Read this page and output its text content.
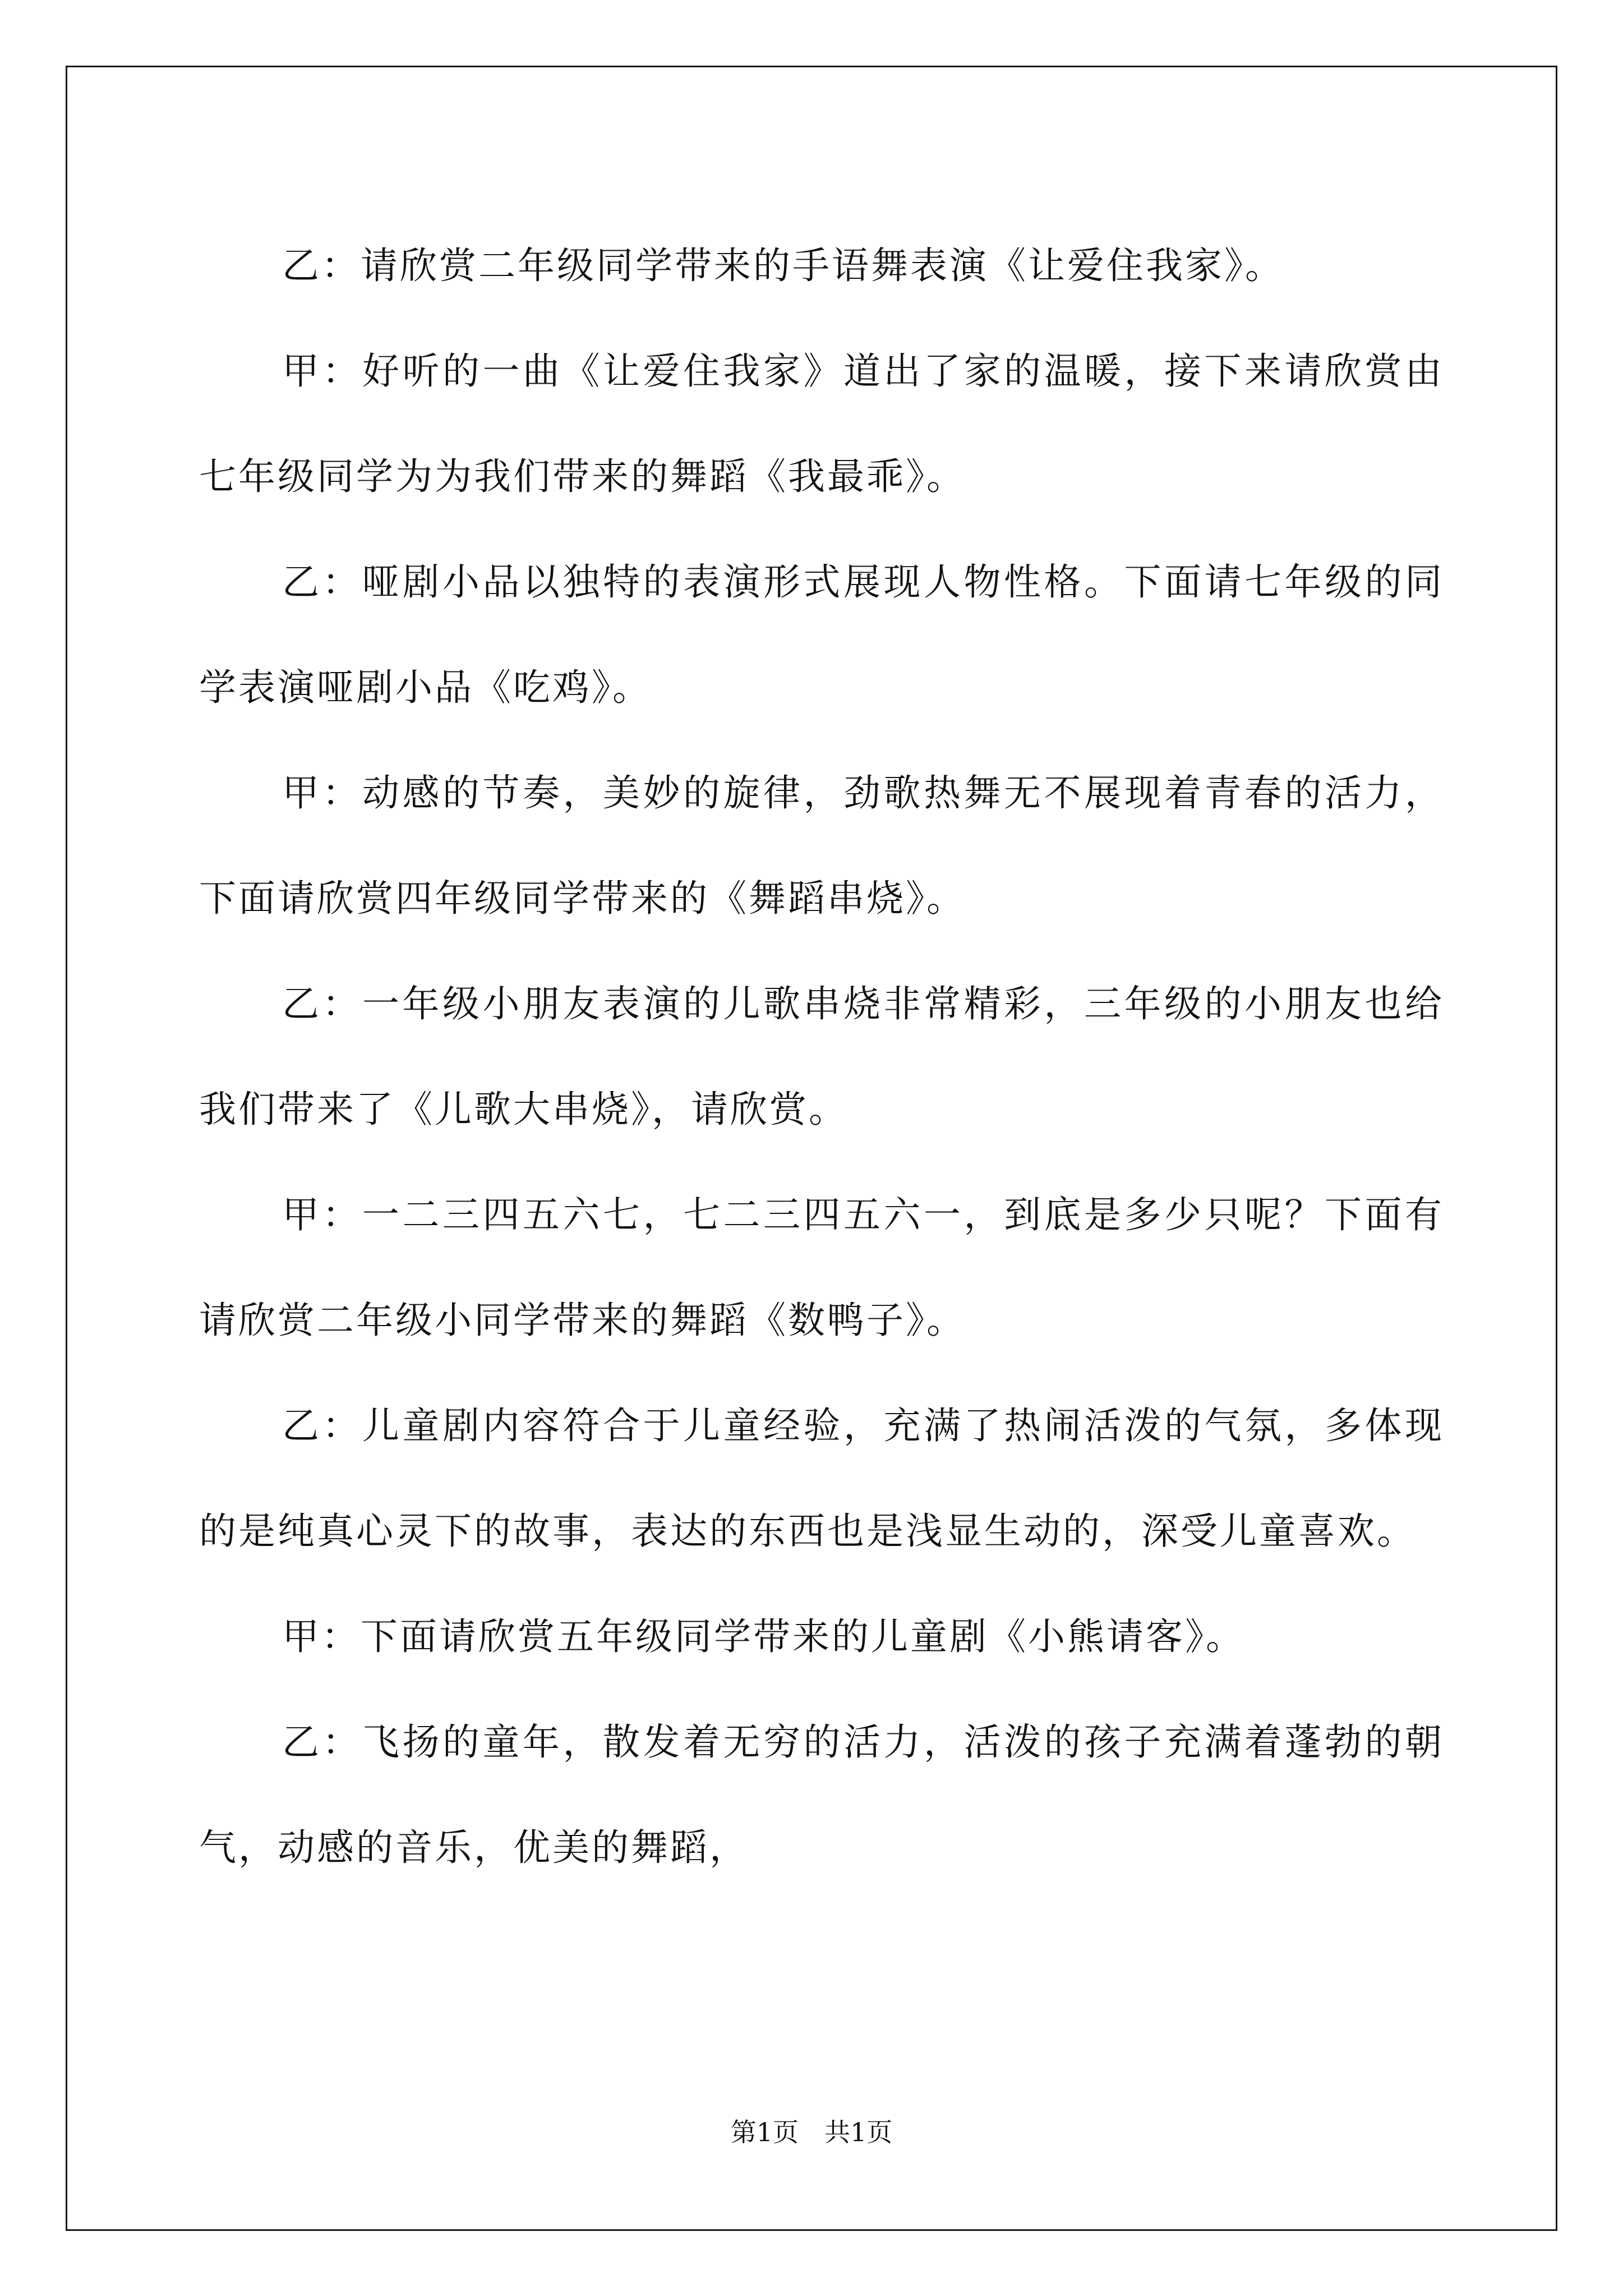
乙：请欣赏二年级同学带来的手语舞表演《让爱住我家》。

甲：好听的一曲《让爱住我家》道出了家的温暖，接下来请欣赏由七年级同学为为我们带来的舞蹈《我最乖》。

乙：哑剧小品以独特的表演形式展现人物性格。下面请七年级的同学表演哑剧小品《吃鸡》。

甲：动感的节奏，美妙的旋律，劲歌热舞无不展现着青春的活力，下面请欣赏四年级同学带来的《舞蹈串烧》。

乙：一年级小朋友表演的儿歌串烧非常精彩，三年级的小朋友也给我们带来了《儿歌大串烧》，请欣赏。

甲：一二三四五六七，七二三四五六一，到底是多少只呢？下面有请欣赏二年级小同学带来的舞蹈《数鸭子》。

乙：儿童剧内容符合于儿童经验，充满了热闹活泼的气氛，多体现的是纯真心灵下的故事，表达的东西也是浅显生动的，深受儿童喜欢。

甲：下面请欣赏五年级同学带来的儿童剧《小熊请客》。

乙：飞扬的童年，散发着无穷的活力，活泼的孩子充满着蓬勃的朝气，动感的音乐，优美的舞蹈，

第1页　共1页
